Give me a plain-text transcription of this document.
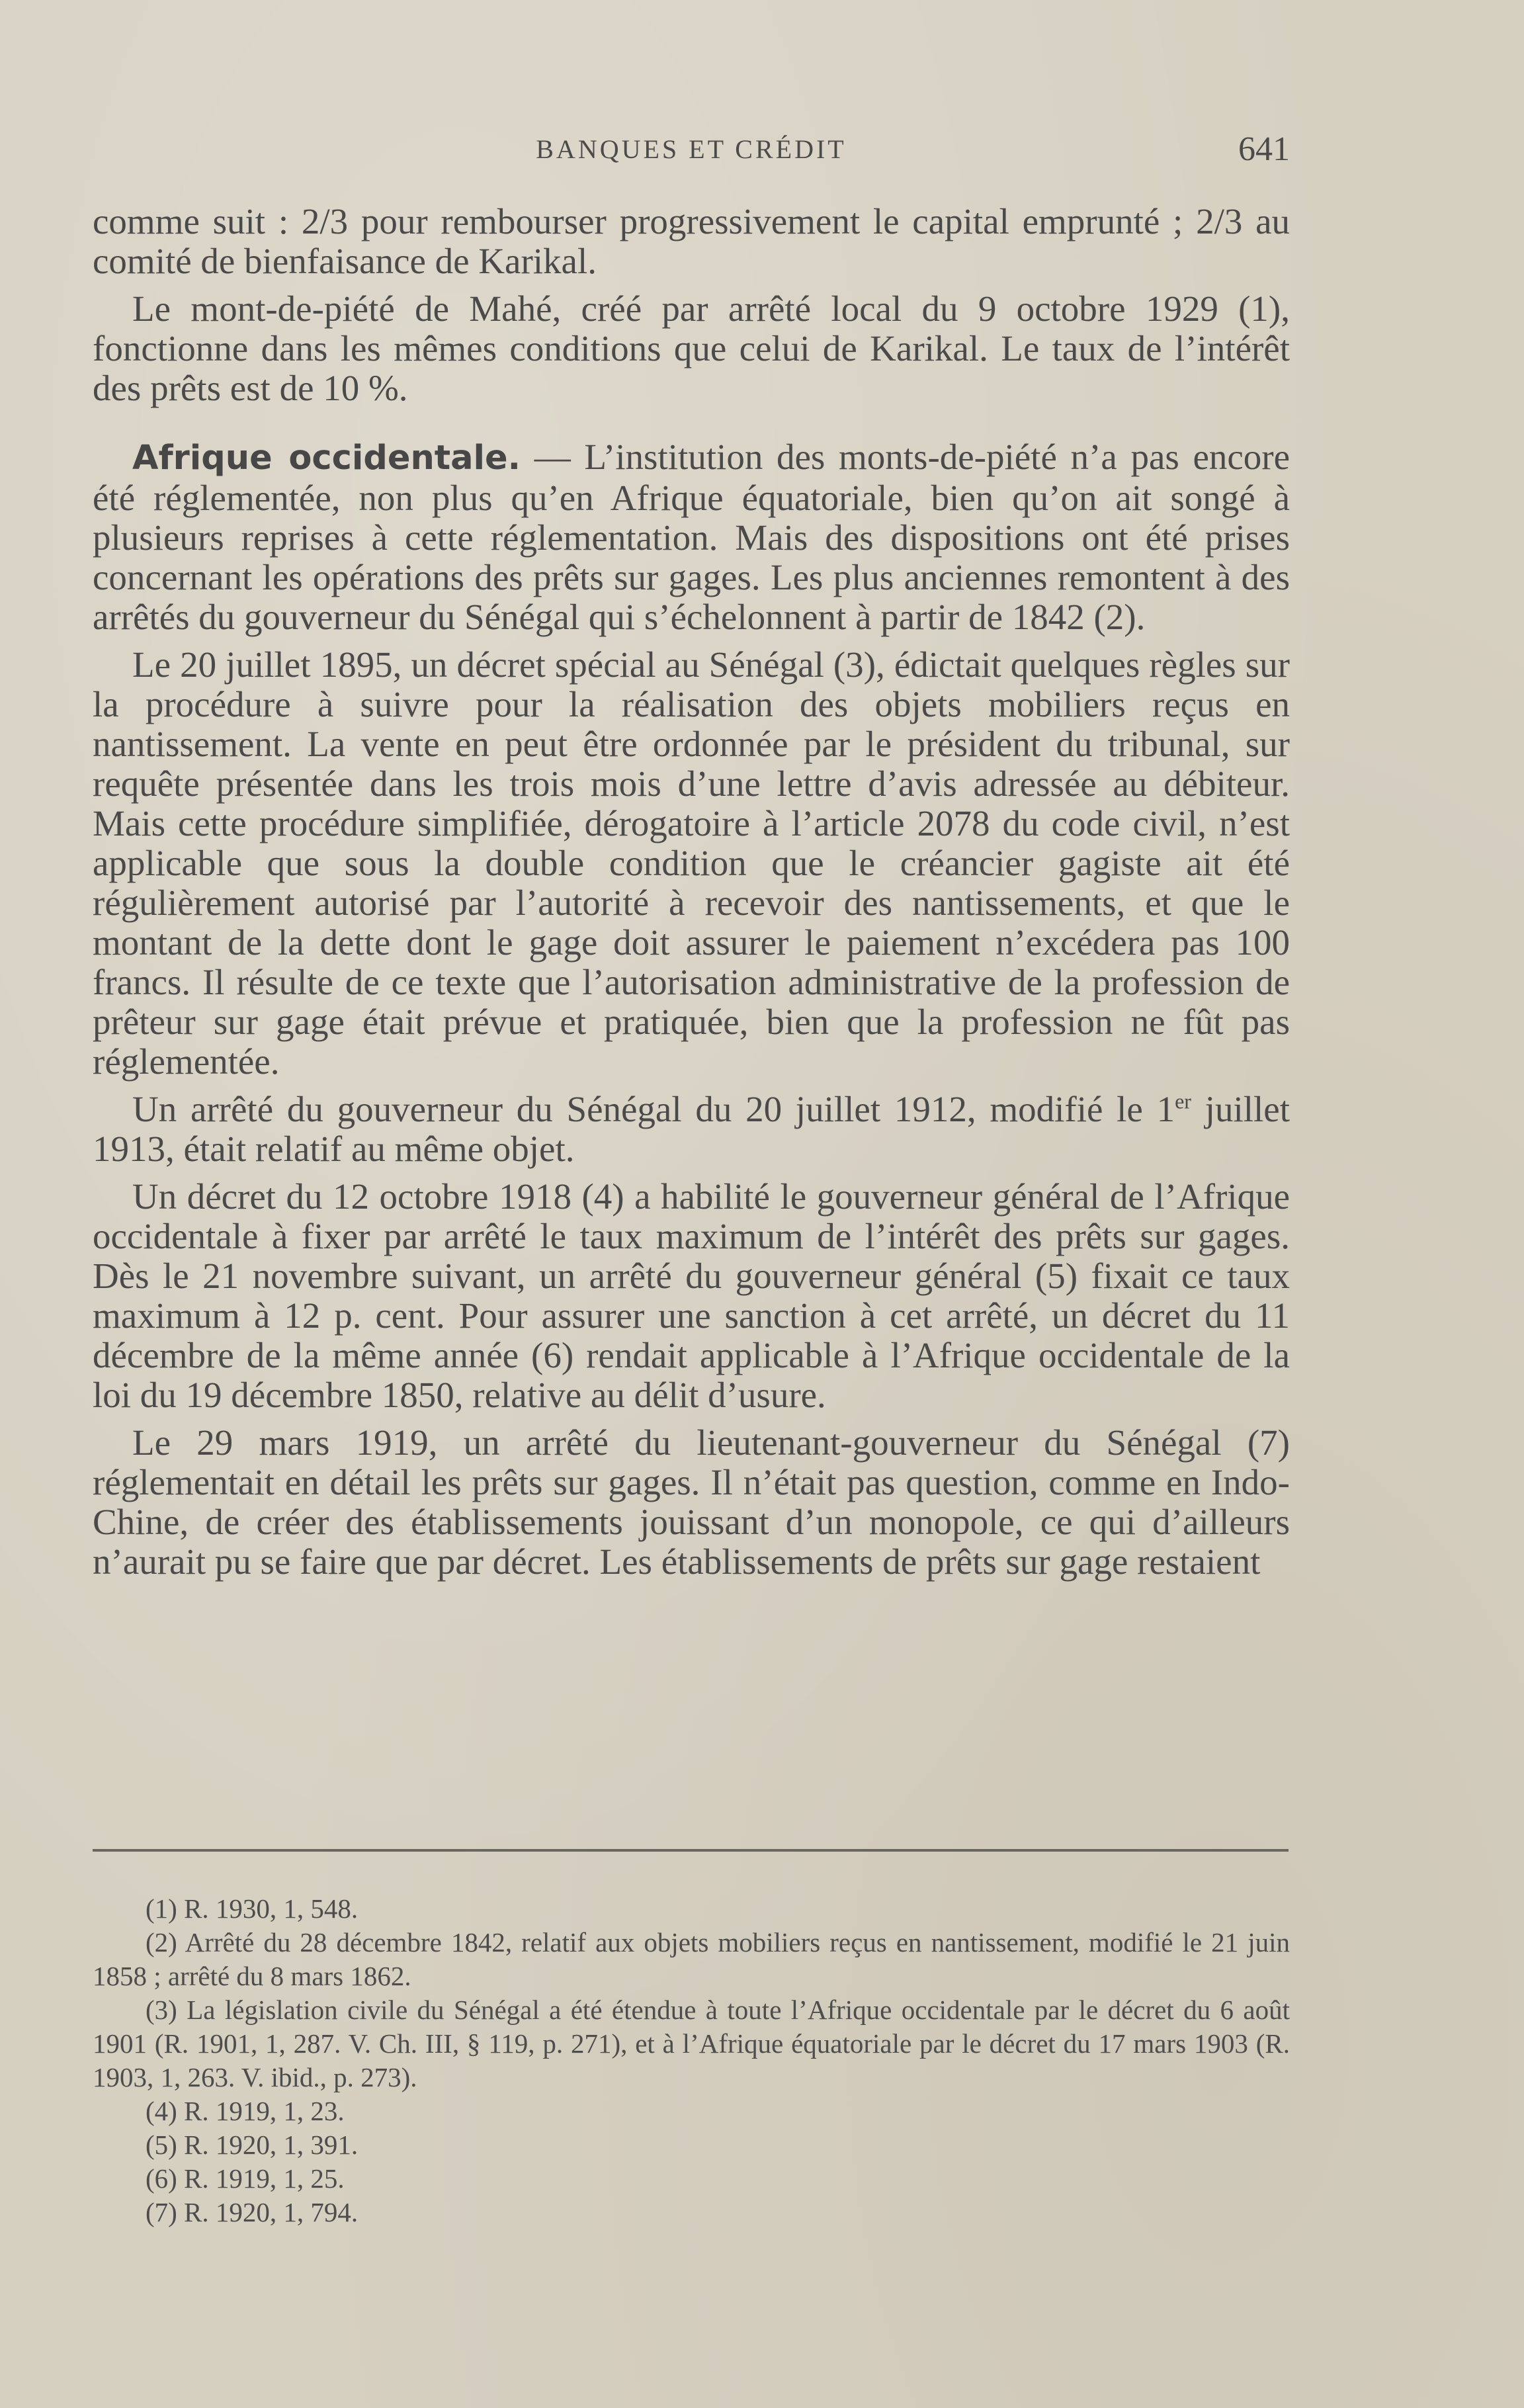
BANQUES ET CRÉDIT	641

comme suit : 2/3 pour rembourser progressivement le capital emprunté ; 2/3 au comité de bienfaisance de Karikal.

Le mont-de-piété de Mahé, créé par arrêté local du 9 octobre 1929 (1), fonctionne dans les mêmes conditions que celui de Karikal. Le taux de l’intérêt des prêts est de 10 %.

Afrique occidentale. — L’institution des monts-de-piété n’a pas encore été réglementée, non plus qu’en Afrique équatoriale, bien qu’on ait songé à plusieurs reprises à cette réglementation. Mais des dispositions ont été prises concernant les opérations des prêts sur gages. Les plus anciennes remontent à des arrêtés du gouverneur du Sénégal qui s’échelonnent à partir de 1842 (2).

Le 20 juillet 1895, un décret spécial au Sénégal (3), édictait quelques règles sur la procédure à suivre pour la réalisation des objets mobiliers reçus en nantissement. La vente en peut être ordonnée par le président du tribunal, sur requête présentée dans les trois mois d’une lettre d’avis adressée au débiteur. Mais cette procédure simplifiée, dérogatoire à l’article 2078 du code civil, n’est applicable que sous la double condition que le créancier gagiste ait été régulièrement autorisé par l’autorité à recevoir des nantissements, et que le montant de la dette dont le gage doit assurer le paiement n’excédera pas 100 francs. Il résulte de ce texte que l’autorisation administrative de la profession de prêteur sur gage était prévue et pratiquée, bien que la profession ne fût pas réglementée.

Un arrêté du gouverneur du Sénégal du 20 juillet 1912, modifié le 1er juillet 1913, était relatif au même objet.

Un décret du 12 octobre 1918 (4) a habilité le gouverneur général de l’Afrique occidentale à fixer par arrêté le taux maximum de l’intérêt des prêts sur gages. Dès le 21 novembre suivant, un arrêté du gouverneur général (5) fixait ce taux maximum à 12 p. cent. Pour assurer une sanction à cet arrêté, un décret du 11 décembre de la même année (6) rendait applicable à l’Afrique occidentale de la loi du 19 décembre 1850, relative au délit d’usure.

Le 29 mars 1919, un arrêté du lieutenant-gouverneur du Sénégal (7) réglementait en détail les prêts sur gages. Il n’était pas question, comme en Indo-Chine, de créer des établissements jouissant d’un monopole, ce qui d’ailleurs n’aurait pu se faire que par décret. Les établissements de prêts sur gage restaient

(1) R. 1930, 1, 548.

(2) Arrêté du 28 décembre 1842, relatif aux objets mobiliers reçus en nantissement, modifié le 21 juin 1858 ; arrêté du 8 mars 1862.

(3) La législation civile du Sénégal a été étendue à toute l’Afrique occidentale par le décret du 6 août 1901 (R. 1901, 1, 287. V. Ch. III, § 119, p. 271), et à l’Afrique équatoriale par le décret du 17 mars 1903 (R. 1903, 1, 263. V. ibid., p. 273).

(4) R. 1919, 1, 23.

(5) R. 1920, 1, 391.

(6) R. 1919, 1, 25.

(7) R. 1920, 1, 794.
